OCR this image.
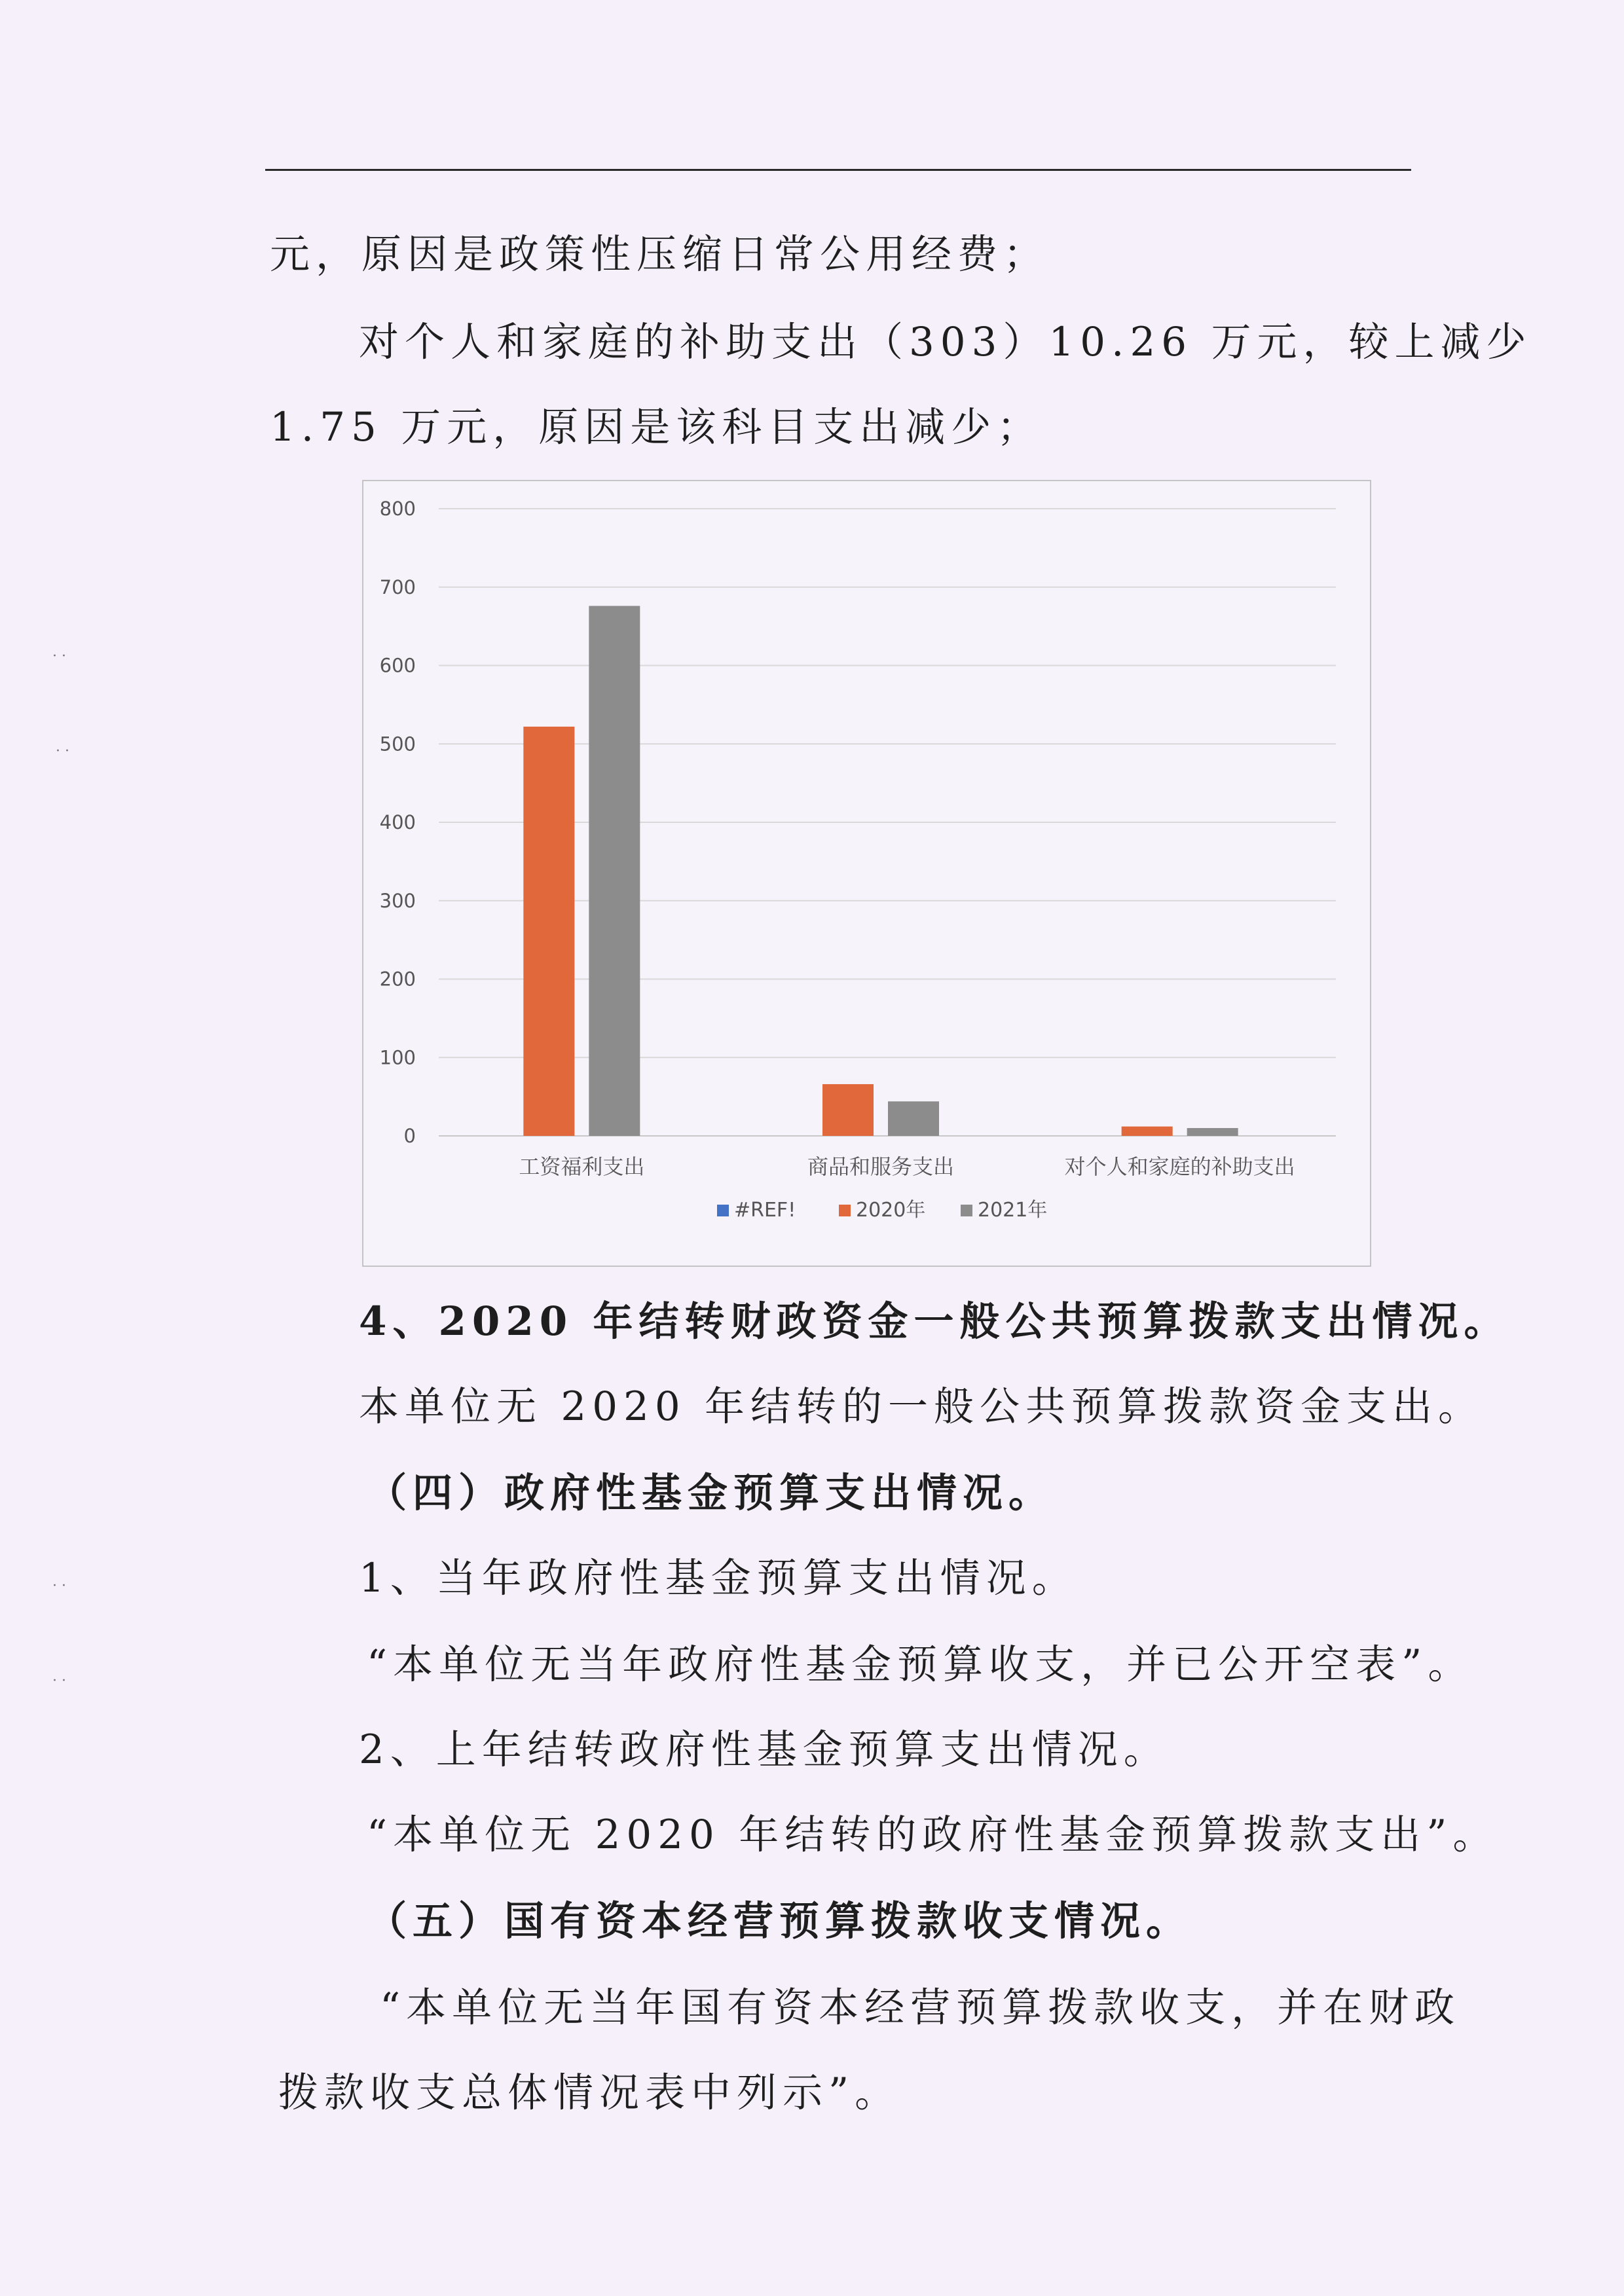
元，原因是政策性压缩日常公用经费；

对个人和家庭的补助支出（303）10.26 万元，较上减少

1.75 万元，原因是该科目支出减少；

0
100
200
300
400
500
600
700
800
工资福利支出	商品和服务支出	对个人和家庭的补助支出
#REF!	2020年	2021年

4、2020 年结转财政资金一般公共预算拨款支出情况。

本单位无 2020 年结转的一般公共预算拨款资金支出。

（四）政府性基金预算支出情况。

1、当年政府性基金预算支出情况。

“本单位无当年政府性基金预算收支，并已公开空表”。

2、上年结转政府性基金预算支出情况。

“本单位无 2020 年结转的政府性基金预算拨款支出”。

（五）国有资本经营预算拨款收支情况。

“本单位无当年国有资本经营预算拨款收支，并在财政

拨款收支总体情况表中列示”。

· ·
· ·
· ·
· ·
